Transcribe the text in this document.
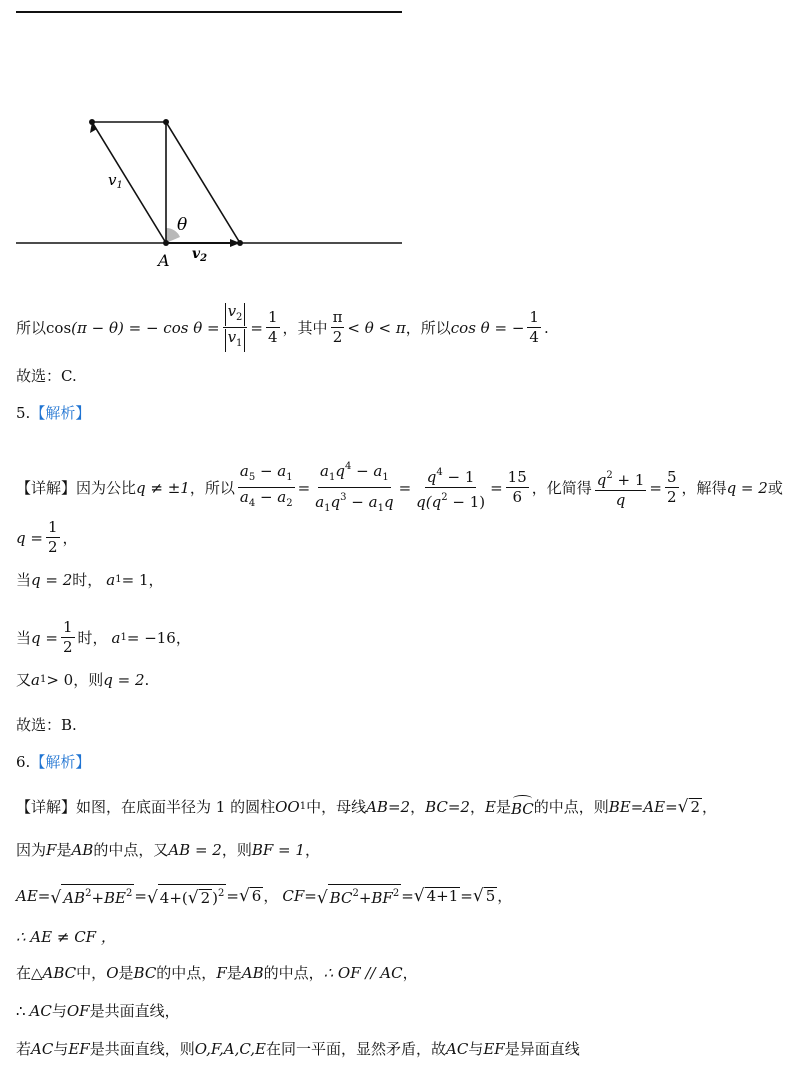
$v_1$
θ
A $v_2$
所以 cos (π − θ) = − $\cos \theta = \frac{v_2}{v_1} = \frac{1}{4}$ ，其中 $\frac{\pi}{2} < \theta < \pi$ ，所以 cos θ = − $\frac{1}{4}$ .
故选：C.
5. 【解析】
【详解】因为公比 q ≠ ±1 ，所以 $\frac{a_5 - a_1}{a_4 - a_2} = \frac{a_1q^4 - a_1}{a_1q^3 - a_1q} = \frac{q^4 - 1}{q(q^2 - 1)} = \frac{15}{6}$ ，化简得 $\frac{q^2 + 1}{q} = \frac{5}{2}$ ，解得 q = 2 或
$q = \frac{1}{2}$ ，
当 q = 2 时， a 1 = 1 ，
当 $q = \frac{1}{2}$ 时， a 1 = −16 ，
又 a 1 > 0 ，则 q = 2 .
故选：B.
6. 【解析】
【详解】如图，在底面半径为 1 的圆柱 OO 1 中，母线 AB=2 ， BC=2 ， E 是 BC 的中点，则 BE=AE= √ 2 ，
因为 F 是 AB 的中点，又 AB = 2 ，则 BF = 1 ，
AE= √ $AB^2+BE^2$ = √ 4+( √ 2 )$^2$ = √ 6 ， CF= √ $BC^2+BF^2$ = √ 4+1 = √ 5 ，
∴ AE ≠ CF ，
在 △ABC 中， O 是 BC 的中点， F 是 AB 的中点， ∴ OF // AC ，
∴ AC 与 OF 是共面直线，
若 AC 与 EF 是共面直线，则 O,F,A,C,E 在同一平面，显然矛盾，故 AC 与 EF 是异面直线
